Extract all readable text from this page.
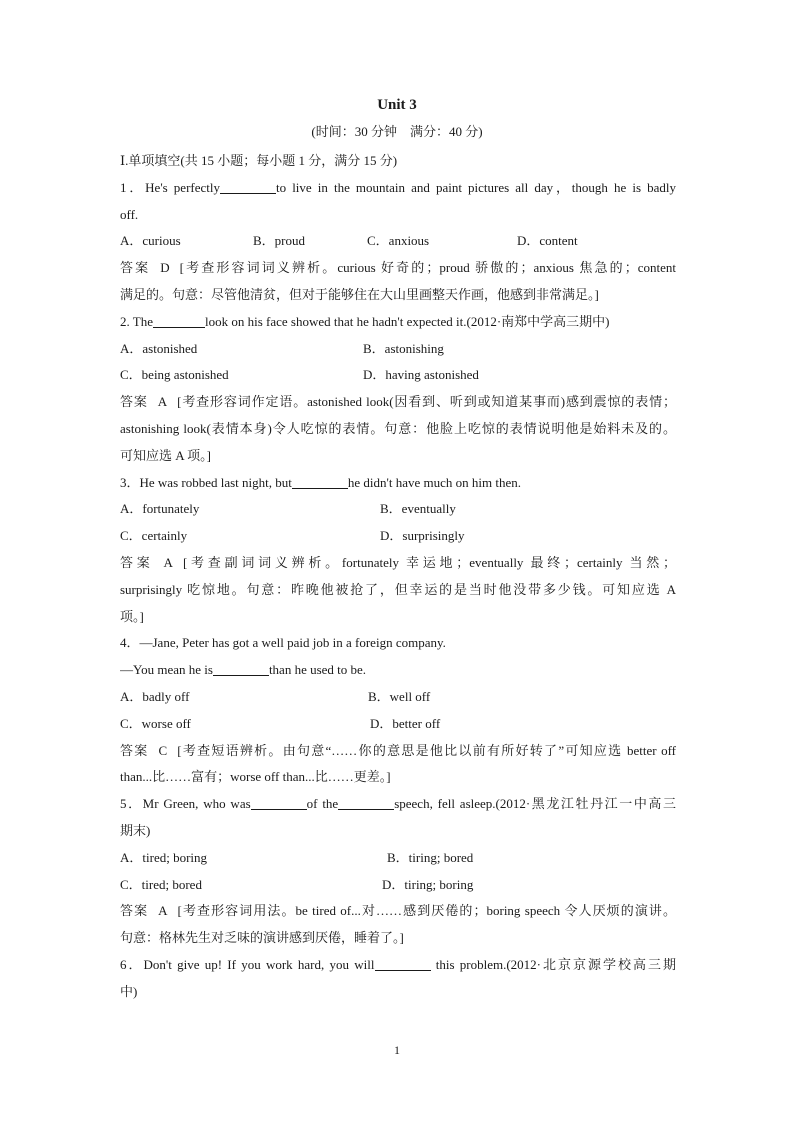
Unit 3
(时间：30 分钟　满分：40 分)
Ⅰ.单项填空(共 15 小题；每小题 1 分，满分 15 分)
1．He's perfectly	to live in the mountain and paint pictures all day，though he is badly
off.
A．curious	B．proud	C．anxious	D．content
答案 D [考查形容词词义辨析。curious 好奇的；proud 骄傲的；anxious 焦急的；content
满足的。句意：尽管他清贫，但对于能够住在大山里画整天作画，他感到非常满足。]
2. The	look on his face showed that he hadn't expected it.(2012·南郑中学高三期中)
A．astonished	B．astonishing
C．being astonished	D．having astonished
答案 A [考查形容词作定语。astonished look(因看到、听到或知道某事而)感到震惊的表情；
astonishing look(表情本身)令人吃惊的表情。句意：他脸上吃惊的表情说明他是始料未及的。
可知应选 A 项。]
3．He was robbed last night, but	he didn't have much on him then.
A．fortunately	B．eventually
C．certainly	D．surprisingly
答案 A [考查副词词义辨析。fortunately 幸运地；eventually 最终；certainly 当然；
surprisingly 吃惊地。句意：昨晚他被抢了，但幸运的是当时他没带多少钱。可知应选 A
项。]
4．—Jane, Peter has got a well paid job in a foreign company.
—You mean he is	than he used to be.
A．badly off	B．well off
C．worse off	D．better off
答案 C [考查短语辨析。由句意“……你的意思是他比以前有所好转了”可知应选 better off
than...比……富有；worse off than...比……更差。]
5．Mr Green, who was	of the	speech, fell asleep.(2012·黑龙江牡丹江一中高三
期末)
A．tired; boring	B．tiring; bored
C．tired; bored	D．tiring; boring
答案 A [考查形容词用法。be tired of...对……感到厌倦的；boring speech 令人厌烦的演讲。
句意：格林先生对乏味的演讲感到厌倦，睡着了。]
6．Don't give up! If you work hard, you will	this problem.(2012·北京京源学校高三期
中)
1
